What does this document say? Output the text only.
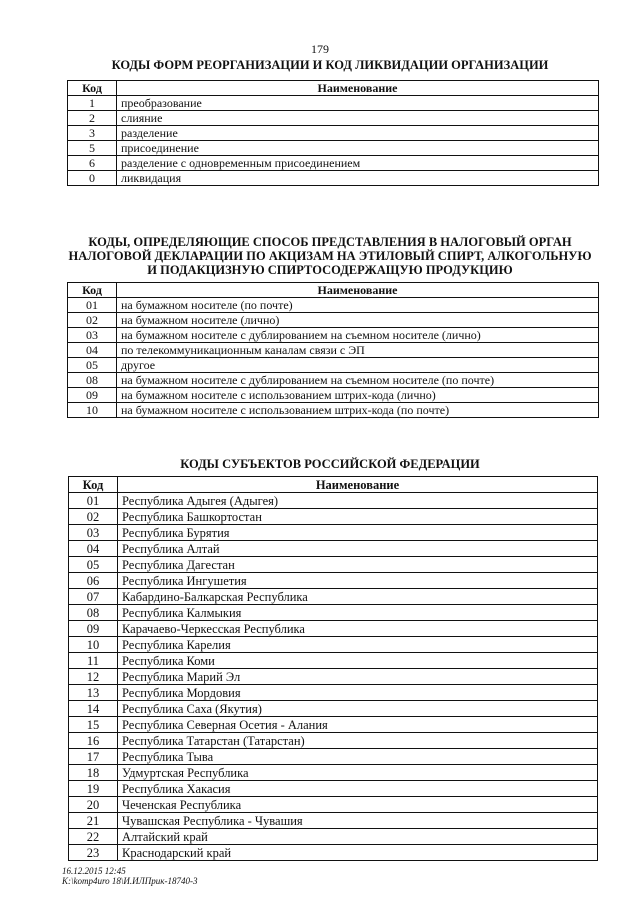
179
КОДЫ ФОРМ РЕОРГАНИЗАЦИИ И КОД ЛИКВИДАЦИИ ОРГАНИЗАЦИИ
Код	Наименование
1	преобразование
2	слияние
3	разделение
5	присоединение
6	разделение с одновременным присоединением
0	ликвидация
КОДЫ, ОПРЕДЕЛЯЮЩИЕ СПОСОБ ПРЕДСТАВЛЕНИЯ В НАЛОГОВЫЙ ОРГАН
НАЛОГОВОЙ ДЕКЛАРАЦИИ ПО АКЦИЗАМ НА ЭТИЛОВЫЙ СПИРТ, АЛКОГОЛЬНУЮ
И ПОДАКЦИЗНУЮ СПИРТОСОДЕРЖАЩУЮ ПРОДУКЦИЮ
Код	Наименование
01	на бумажном носителе (по почте)
02	на бумажном носителе (лично)
03	на бумажном носителе с дублированием на съемном носителе (лично)
04	по телекоммуникационным каналам связи с ЭП
05	другое
08	на бумажном носителе с дублированием на съемном носителе (по почте)
09	на бумажном носителе с использованием штрих-кода (лично)
10	на бумажном носителе с использованием штрих-кода (по почте)
КОДЫ СУБЪЕКТОВ РОССИЙСКОЙ ФЕДЕРАЦИИ
Код	Наименование
01	Республика Адыгея (Адыгея)
02	Республика Башкортостан
03	Республика Бурятия
04	Республика Алтай
05	Республика Дагестан
06	Республика Ингушетия
07	Кабардино-Балкарская Республика
08	Республика Калмыкия
09	Карачаево-Черкесская Республика
10	Республика Карелия
11	Республика Коми
12	Республика Марий Эл
13	Республика Мордовия
14	Республика Саха (Якутия)
15	Республика Северная Осетия - Алания
16	Республика Татарстан (Татарстан)
17	Республика Тыва
18	Удмуртская Республика
19	Республика Хакасия
20	Чеченская Республика
21	Чувашская Республика - Чувашия
22	Алтайский край
23	Краснодарский край
16.12.2015 12:45
K:\komp4uro 18\И.ИЛПрик-18740-3
